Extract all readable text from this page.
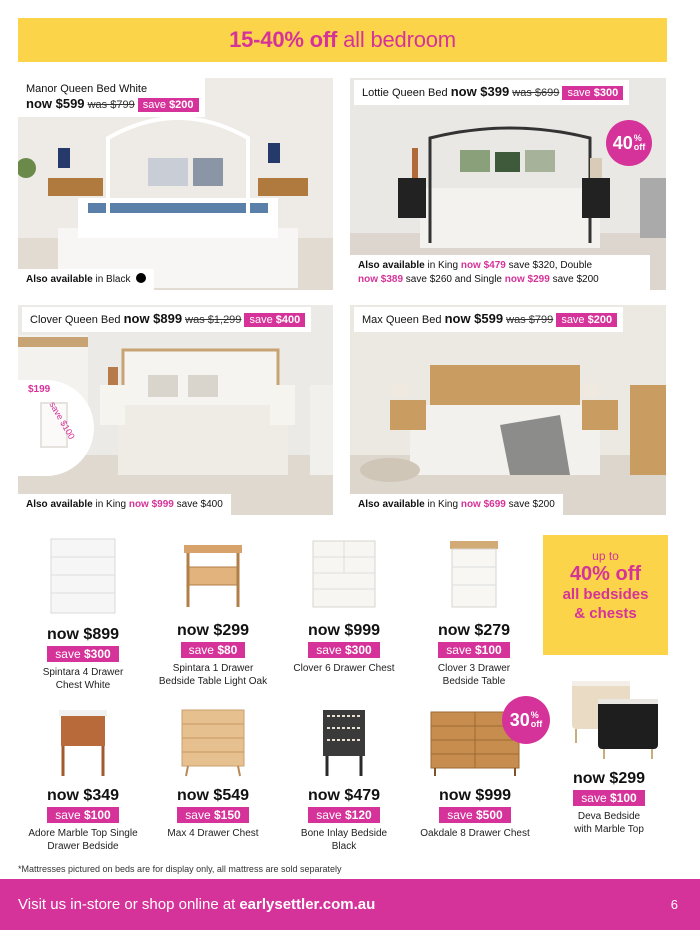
15-40% off all bedroom
Manor Queen Bed White
now $599 was $799 save $200
Also available in Black
Lottie Queen Bed now $399 was $699 save $300
40 %
off
Also available in King now $479 save $320, Double
now $389 save $260 and Single now $299 save $200
Clover Queen Bed now $899 was $1,299 save $400
$199
save $100
Also available in King now $999 save $400
Max Queen Bed now $599 was $799 save $200
Also available in King now $699 save $200
now $899
save $300
Spintara 4 Drawer
Chest White
now $299
save $80
Spintara 1 Drawer
Bedside Table Light Oak
now $999
save $300
Clover 6 Drawer Chest

now $279
save $100
Clover 3 Drawer
Bedside Table
up to
40% off
all bedsides
& chests
now $349
save $100
Adore Marble Top Single
Drawer Bedside
now $549
save $150
Max 4 Drawer Chest

now $479
save $120
Bone Inlay Bedside
Black
now $999
save $500
Oakdale 8 Drawer Chest

30 %
off
now $299
save $100
Deva Bedside
with Marble Top
*Mattresses pictured on beds are for display only, all mattress are sold separately
Visit us in-store or shop online at earlysettler.com.au	6
